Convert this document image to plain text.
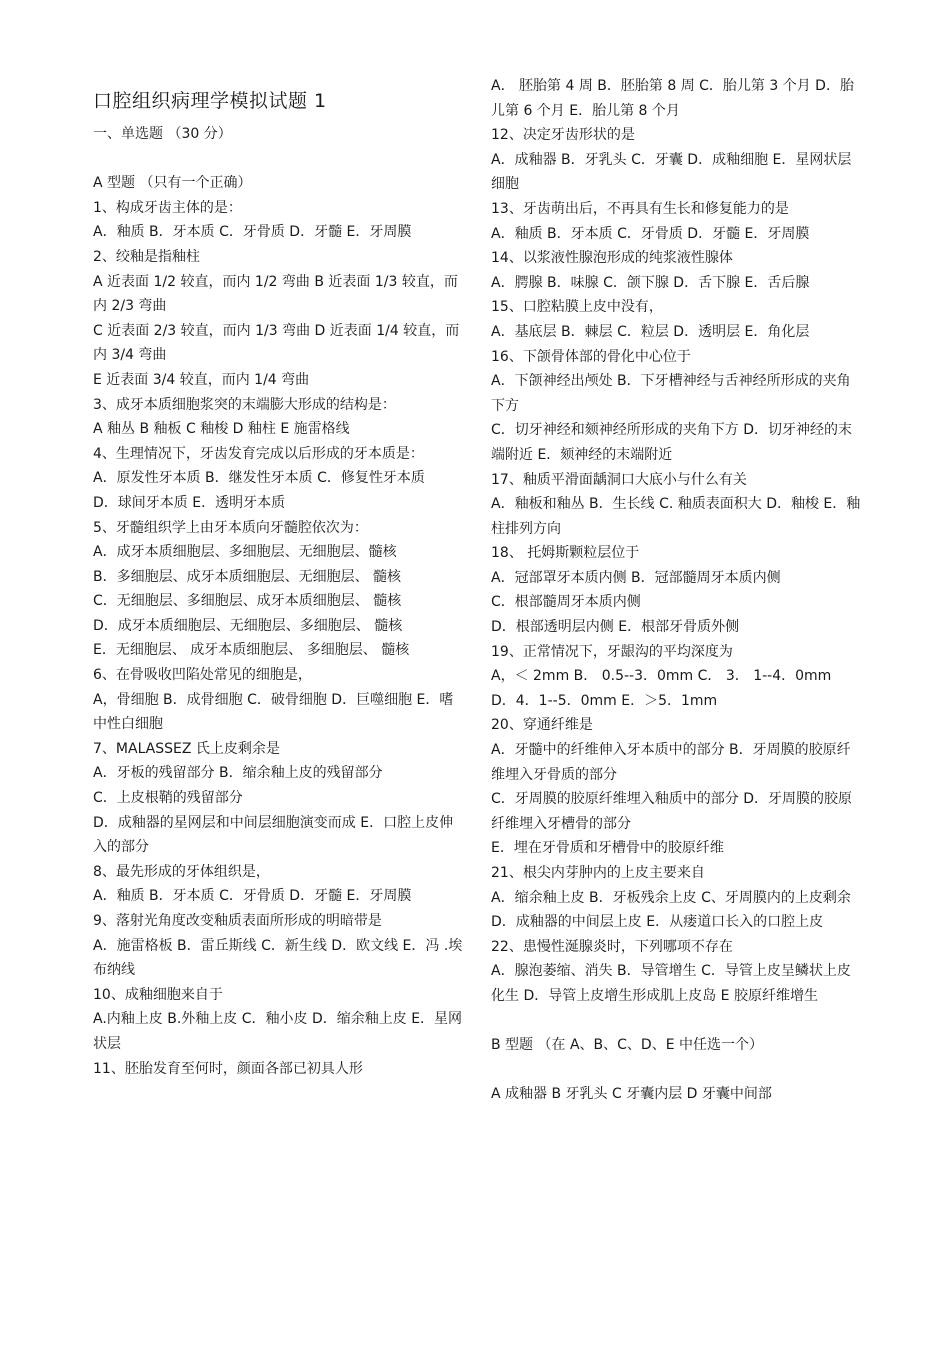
口腔组织病理学模拟试题 1
一、单选题 （30 分）
A 型题 （只有一个正确）
1、构成牙齿主体的是：
A．釉质 B．牙本质 C．牙骨质 D．牙髓 E．牙周膜
2、绞釉是指釉柱
A 近表面 1/2 较直，而内 1/2 弯曲 B 近表面 1/3 较直，而内 2/3 弯曲
C 近表面 2/3 较直，而内 1/3 弯曲 D 近表面 1/4 较直，而内 3/4 弯曲
E 近表面 3/4 较直，而内 1/4 弯曲
3、成牙本质细胞浆突的末端膨大形成的结构是：
A 釉丛 B 釉板 C 釉梭 D 釉柱 E 施雷格线
4、生理情况下，牙齿发育完成以后形成的牙本质是：
A．原发性牙本质 B．继发性牙本质 C．修复性牙本质
D．球间牙本质 E．透明牙本质
5、牙髓组织学上由牙本质向牙髓腔依次为：
A．成牙本质细胞层、多细胞层、无细胞层、髓核
B．多细胞层、成牙本质细胞层、无细胞层、 髓核
C．无细胞层、多细胞层、成牙本质细胞层、 髓核
D．成牙本质细胞层、无细胞层、多细胞层、 髓核
E．无细胞层、 成牙本质细胞层、 多细胞层、 髓核
6、在骨吸收凹陷处常见的细胞是，
A，骨细胞 B．成骨细胞 C．破骨细胞 D．巨噬细胞 E．嗜中性白细胞
7、MALASSEZ 氏上皮剩余是
A．牙板的残留部分 B．缩余釉上皮的残留部分
C．上皮根鞘的残留部分
D．成釉器的星网层和中间层细胞演变而成 E．口腔上皮伸入的部分
8、最先形成的牙体组织是，
A．釉质 B．牙本质 C．牙骨质 D．牙髓 E．牙周膜
9、落射光角度改变釉质表面所形成的明暗带是
A．施雷格板 B．雷丘斯线 C．新生线 D．欧文线 E．冯 .埃布纳线
10、成釉细胞来自于
A.内釉上皮 B.外釉上皮 C．釉小皮 D．缩余釉上皮 E．星网状层
11、胚胎发育至何时，颜面各部已初具人形
A． 胚胎第 4 周 B．胚胎第 8 周 C．胎儿第 3 个月 D．胎儿第 6 个月 E．胎儿第 8 个月
12、决定牙齿形状的是
A．成釉器 B．牙乳头 C．牙囊 D．成釉细胞 E．星网状层细胞
13、牙齿萌出后，不再具有生长和修复能力的是
A．釉质 B．牙本质 C．牙骨质 D．牙髓 E．牙周膜
14、以浆液性腺泡形成的纯浆液性腺体
A．腭腺 B．味腺 C．颌下腺 D．舌下腺 E．舌后腺
15、口腔粘膜上皮中没有，
A．基底层 B．棘层 C．粒层 D．透明层 E．角化层
16、下颌骨体部的骨化中心位于
A．下颌神经出颅处 B．下牙槽神经与舌神经所形成的夹角下方
C．切牙神经和颏神经所形成的夹角下方 D．切牙神经的末端附近 E．颏神经的末端附近
17、釉质平滑面龋洞口大底小与什么有关
A．釉板和釉丛 B．生长线 C. 釉质表面积大 D．釉梭 E．釉柱排列方向
18、 托姆斯颗粒层位于
A．冠部罩牙本质内侧 B．冠部髓周牙本质内侧
C．根部髓周牙本质内侧
D．根部透明层内侧 E．根部牙骨质外侧
19、正常情况下，牙龈沟的平均深度为
A，＜ 2mm B． 0.5--3．0mm C． 3． 1--4．0mm
D．4．1--5．0mm E．＞5．1mm
20、穿通纤维是
A．牙髓中的纤维伸入牙本质中的部分 B．牙周膜的胶原纤维埋入牙骨质的部分
C．牙周膜的胶原纤维埋入釉质中的部分 D．牙周膜的胶原纤维埋入牙槽骨的部分
E．埋在牙骨质和牙槽骨中的胶原纤维
21、根尖内芽肿内的上皮主要来自
A．缩余釉上皮 B．牙板残余上皮 C、牙周膜内的上皮剩余
D．成釉器的中间层上皮 E．从瘘道口长入的口腔上皮
22、患慢性涎腺炎时，下列哪项不存在
A．腺泡萎缩、消失 B．导管增生 C．导管上皮呈鳞状上皮化生 D．导管上皮增生形成肌上皮岛 E 胶原纤维增生
B 型题 （在 A、B、C、D、E 中任选一个）
A 成釉器 B 牙乳头 C 牙囊内层 D 牙囊中间部
